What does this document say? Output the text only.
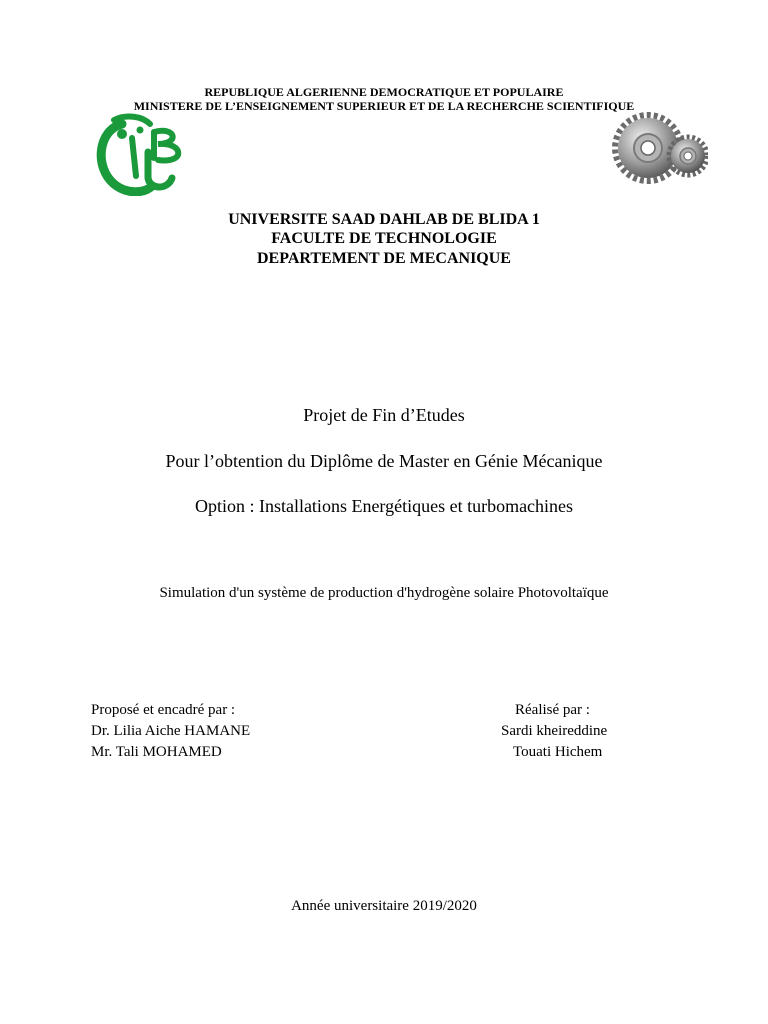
REPUBLIQUE ALGERIENNE DEMOCRATIQUE ET POPULAIRE
MINISTERE DE L’ENSEIGNEMENT SUPERIEUR ET DE LA RECHERCHE SCIENTIFIQUE
UNIVERSITE SAAD DAHLAB DE BLIDA 1
FACULTE DE TECHNOLOGIE
DEPARTEMENT DE MECANIQUE
Projet de Fin d’Etudes
Pour l’obtention du Diplôme de Master en Génie Mécanique
Option : Installations Energétiques et turbomachines
Simulation d'un système de production d'hydrogène solaire Photovoltaïque
Proposé et encadré par :
Dr. Lilia Aiche HAMANE
Mr. Tali MOHAMED
Réalisé par :
Sardi kheireddine
Touati Hichem
Année universitaire 2019/2020
